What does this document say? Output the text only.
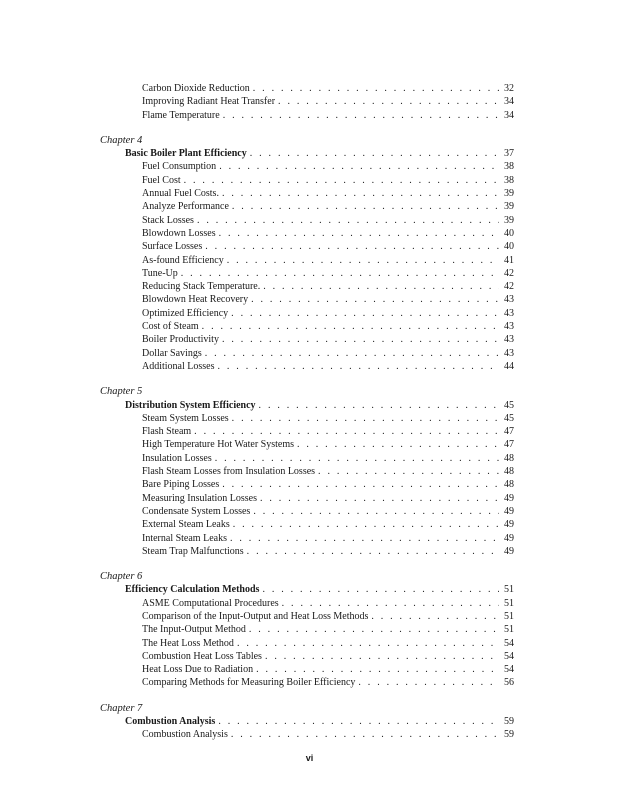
Carbon Dioxide Reduction . . .	32
Improving Radiant Heat Transfer . . .	34
Flame Temperature . . .	34
Chapter 4
Basic Boiler Plant Efficiency . . .	37
Fuel Consumption . . .	38
Fuel Cost . . .	38
Annual Fuel Costs. . . .	39
Analyze Performance . . .	39
Stack Losses . . .	39
Blowdown Losses . . .	40
Surface Losses . . .	40
As-found Efficiency . . .	41
Tune-Up . . .	42
Reducing Stack Temperature. . . .	42
Blowdown Heat Recovery . . .	43
Optimized Efficiency . . .	43
Cost of Steam . . .	43
Boiler Productivity . . .	43
Dollar Savings . . .	43
Additional Losses . . .	44
Chapter 5
Distribution System Efficiency . . .	45
Steam System Losses . . .	45
Flash Steam . . .	47
High Temperature Hot Water Systems . . .	47
Insulation Losses . . .	48
Flash Steam Losses from Insulation Losses . . .	48
Bare Piping Losses . . .	48
Measuring Insulation Losses . . .	49
Condensate System Losses . . .	49
External Steam Leaks . . .	49
Internal Steam Leaks . . .	49
Steam Trap Malfunctions . . .	49
Chapter 6
Efficiency Calculation Methods . . .	51
ASME Computational Procedures . . .	51
Comparison of the Input-Output and Heat Loss Methods . . .	51
The Input-Output Method . . .	51
The Heat Loss Method . . .	54
Combustion Heat Loss Tables . . .	54
Heat Loss Due to Radiation . . .	54
Comparing Methods for Measuring Boiler Efficiency . . .	56
Chapter 7
Combustion Analysis . . .	59
Combustion Analysis . . .	59
vi
